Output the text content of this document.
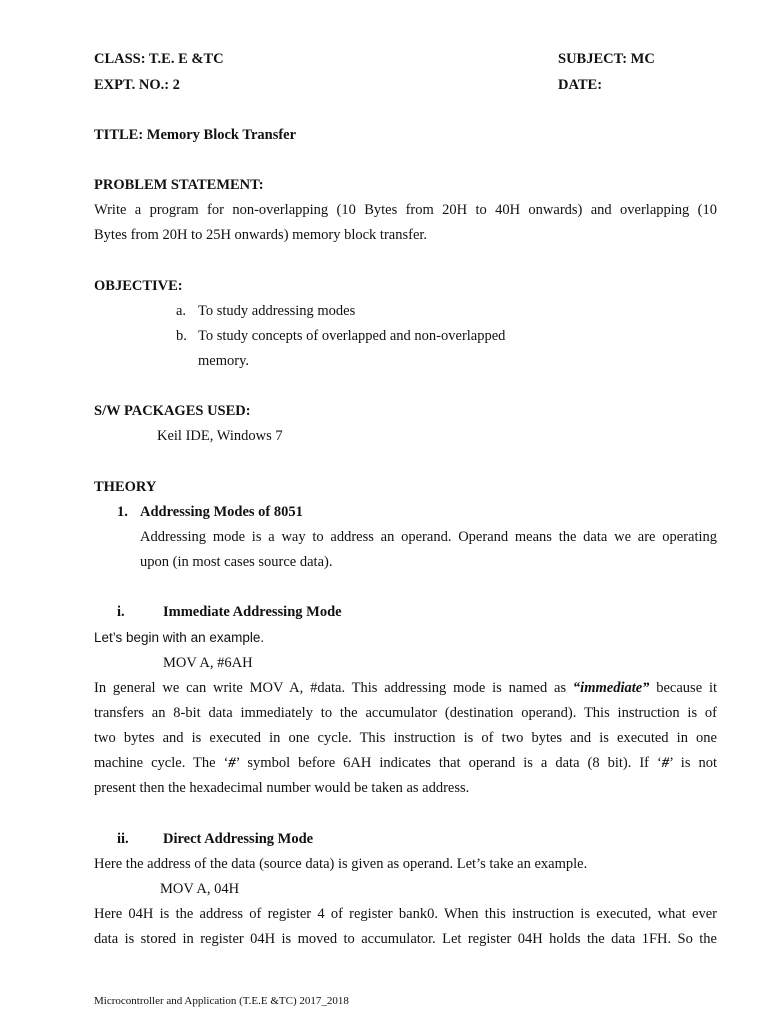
CLASS: T.E. E &TC	SUBJECT: MC
EXPT. NO.: 2	DATE:
TITLE: Memory Block Transfer
PROBLEM STATEMENT:
Write a program for non-overlapping (10 Bytes from 20H to 40H onwards) and overlapping (10
Bytes from 20H to 25H onwards) memory block transfer.
OBJECTIVE:
a. To study addressing modes
b. To study concepts of overlapped and non-overlapped
memory.
S/W PACKAGES USED:
Keil IDE, Windows 7
THEORY
1. Addressing Modes of 8051
Addressing mode is a way to address an operand. Operand means the data we are operating
upon (in most cases source data).
i.	Immediate Addressing Mode
Let’s begin with an example.
MOV A, #6AH
In general we can write MOV A, #data. This addressing mode is named as “immediate” because it
transfers an 8-bit data immediately to the accumulator (destination operand). This instruction is of
two bytes and is executed in one cycle. This instruction is of two bytes and is executed in one
machine cycle. The ‘#’ symbol before 6AH indicates that operand is a data (8 bit). If ‘#’ is not
present then the hexadecimal number would be taken as address.
ii. Direct Addressing Mode
Here the address of the data (source data) is given as operand. Let’s take an example.
MOV A, 04H
Here 04H is the address of register 4 of register bank0. When this instruction is executed, what ever
data is stored in register 04H is moved to accumulator. Let register 04H holds the data 1FH. So the
Microcontroller and Application (T.E.E &TC) 2017_2018
